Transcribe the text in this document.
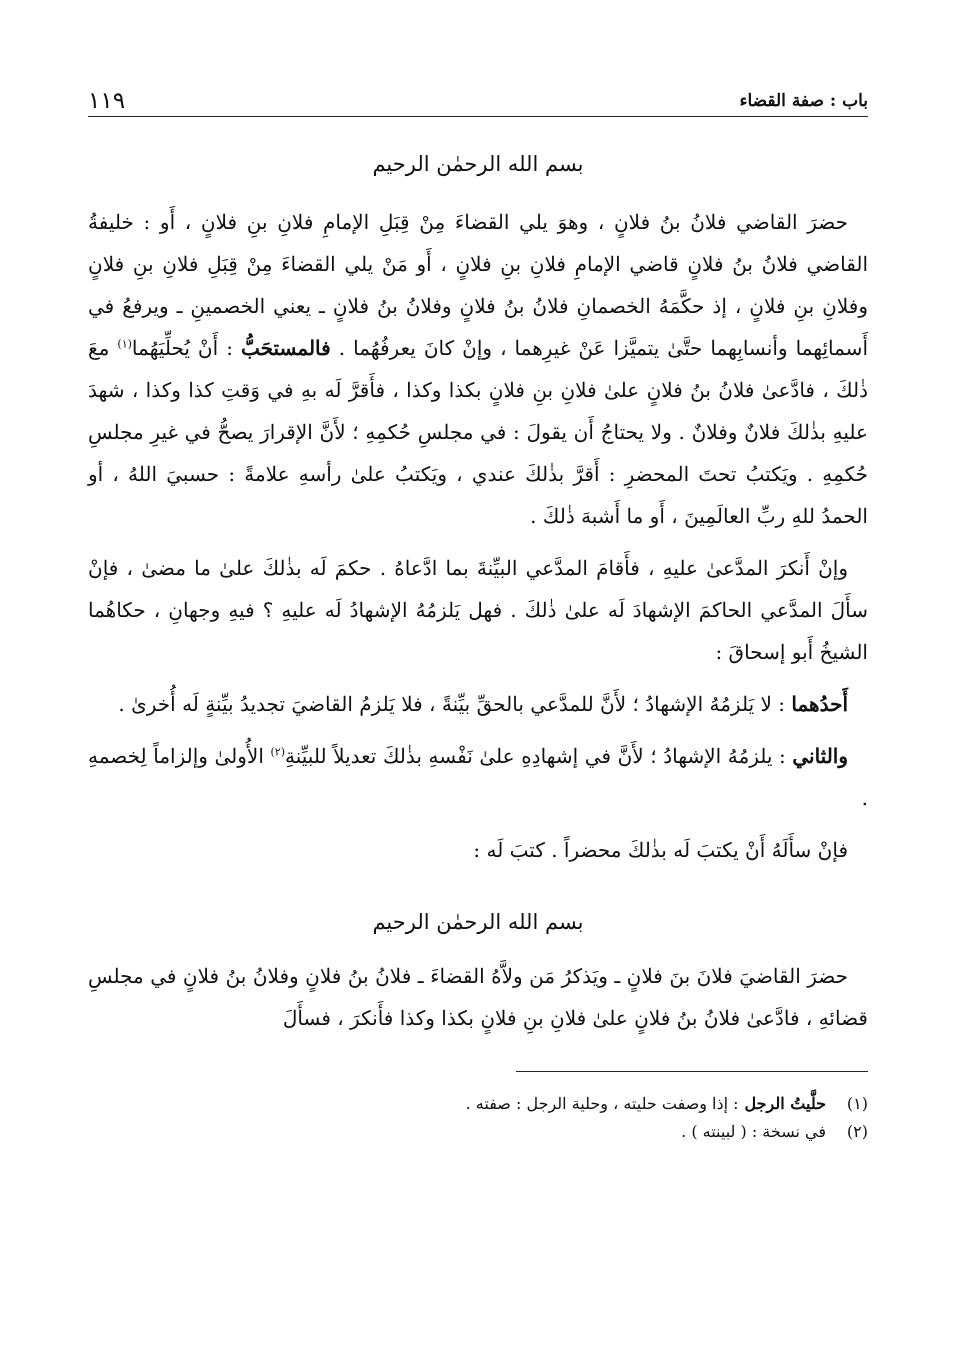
باب : صفة القضاء
١١٩
بسم الله الرحمٰن الرحيم

حضرَ القاضي فلانُ بنُ فلانٍ ، وهوَ يلي القضاءَ مِنْ قِبَلِ الإمامِ فلانِ بنِ فلانٍ ، أَو : خليفةُ القاضي فلانُ بنُ فلانٍ قاضي الإمامِ فلانِ بنِ فلانٍ ، أَو مَنْ يلي القضاءَ مِنْ قِبَلِ فلانِ بنِ فلانٍ وفلانِ بنِ فلانٍ ، إذ حكَّمَهُ الخصمانِ فلانُ بنُ فلانٍ وفلانُ بنُ فلانٍ ـ يعني الخصمينِ ـ ويرفعُ في أَسمائِهما وأنسابِهما حتَّىٰ يتميَّزا عَنْ غيرِهما ، وإنْ كانَ يعرفُهُما . فالمستحَبُّ : أَنْ يُحلِّيَهُما$^{(١)}$ معَ ذٰلكَ ، فادَّعىٰ فلانُ بنُ فلانٍ علىٰ فلانِ بنِ فلانٍ بكذا وكذا ، فأَقرَّ لَه بهِ في وَقتِ كذا وكذا ، شهدَ عليهِ بذٰلكَ فلانٌ وفلانٌ . ولا يحتاجُ أَن يقولَ : في مجلسِ حُكمِهِ ؛ لأَنَّ الإقرارَ يصحُّ في غيرِ مجلسِ حُكمِهِ . ويَكتبُ تحتَ المحضرِ : أَقرَّ بذٰلكَ عندي ، ويَكتبُ علىٰ رأسهِ علامةً : حسبيَ اللهُ ، أو الحمدُ للهِ ربِّ العالَمِينَ ، أَو ما أَشبهَ ذٰلكَ .

وإنْ أَنكرَ المدَّعىٰ عليهِ ، فأَقامَ المدَّعي البيِّنةَ بما ادَّعاهُ . حكمَ لَه بذٰلكَ علىٰ ما مضىٰ ، فإنْ سأَلَ المدَّعي الحاكمَ الإشهادَ لَه علىٰ ذٰلكَ . فهل يَلزمُهُ الإشهادُ لَه عليهِ ؟ فيهِ وجهانِ ، حكاهُما الشيخُ أَبو إسحاقَ :

أَحدُهما : لا يَلزمُهُ الإشهادُ ؛ لأَنَّ للمدَّعي بالحقِّ بيِّنةً ، فلا يَلزمُ القاضيَ تجديدُ بيِّنةٍ لَه أُخرىٰ .

والثاني : يلزمُهُ الإشهادُ ؛ لأَنَّ في إشهادِهِ علىٰ نَفْسهِ بذٰلكَ تعديلاً للبيِّنةِ$^{(٢)}$ الأُولىٰ وإلزاماً لِخصمهِ .

فإنْ سأَلَهُ أَنْ يكتبَ لَه بذٰلكَ محضراً . كتبَ لَه :

بسم الله الرحمٰن الرحيم

حضرَ القاضيَ فلانَ بنَ فلانٍ ـ ويَذكرُ مَن ولاَّهُ القضاءَ ـ فلانُ بنُ فلانٍ وفلانُ بنُ فلانٍ في مجلسِ قضائهِ ، فادَّعىٰ فلانُ بنُ فلانٍ علىٰ فلانِ بنِ فلانٍ بكذا وكذا فأَنكرَ ، فسأَلَ

(١)
حلَّيتُ الرجل: إذا وصفت حليته ، وحلية الرجل : صفته .
(٢)
في نسخة : ( لبينته ) .
